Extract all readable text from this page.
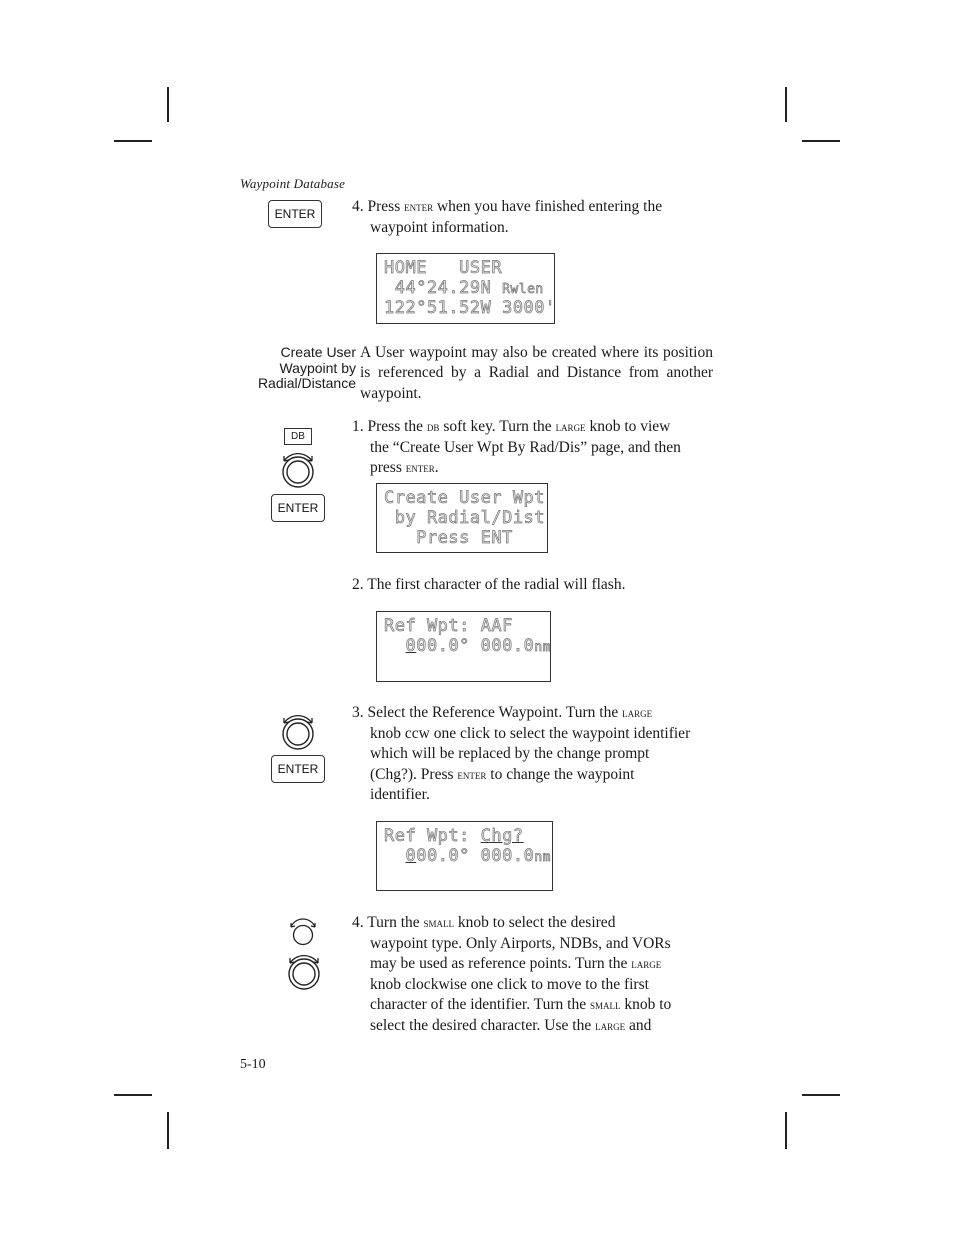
Waypoint Database
ENTER	4. Press enter when you have finished entering the
waypoint information.
HOME   USER
44°24.29N Rwlen
122°51.52W 3000'
Create User
Waypoint by
Radial/Distance
A User waypoint may also be created where its position is referenced by a Radial and Distance from another waypoint.
DB
ENTER
1. Press the db soft key. Turn the large knob to view
the “Create User Wpt By Rad/Dis” page, and then
press enter.
Create User Wpt
by Radial/Dist
Press ENT
2. The first character of the radial will flash.
Ref Wpt: AAF
000.0° 000.0nm
ENTER
3. Select the Reference Waypoint. Turn the large
knob ccw one click to select the waypoint identifier
which will be replaced by the change prompt
(Chg?). Press enter to change the waypoint
identifier.
Ref Wpt: Chg?
000.0° 000.0nm
4. Turn the small knob to select the desired
waypoint type. Only Airports, NDBs, and VORs
may be used as reference points. Turn the large
knob clockwise one click to move to the first
character of the identifier. Turn the small knob to
select the desired character. Use the large and
5-10
